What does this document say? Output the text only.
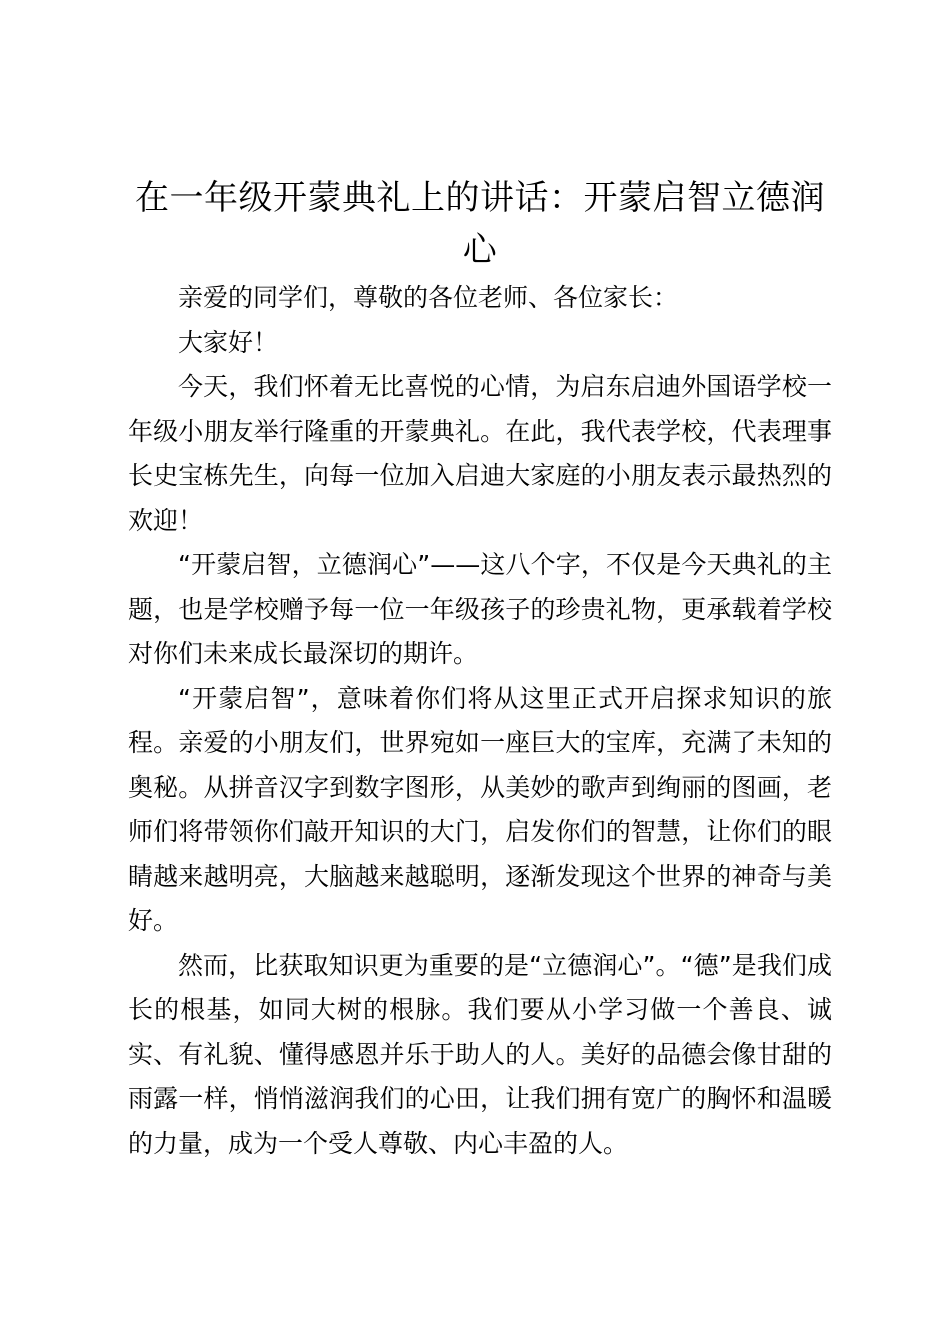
在一年级开蒙典礼上的讲话：开蒙启智立德润心

亲爱的同学们，尊敬的各位老师、各位家长：

大家好！

今天，我们怀着无比喜悦的心情，为启东启迪外国语学校一年级小朋友举行隆重的开蒙典礼。在此，我代表学校，代表理事长史宝栋先生，向每一位加入启迪大家庭的小朋友表示最热烈的欢迎！

“开蒙启智，立德润心”——这八个字，不仅是今天典礼的主题，也是学校赠予每一位一年级孩子的珍贵礼物，更承载着学校对你们未来成长最深切的期许。

“开蒙启智”，意味着你们将从这里正式开启探求知识的旅程。亲爱的小朋友们，世界宛如一座巨大的宝库，充满了未知的奥秘。从拼音汉字到数字图形，从美妙的歌声到绚丽的图画，老师们将带领你们敲开知识的大门，启发你们的智慧，让你们的眼睛越来越明亮，大脑越来越聪明，逐渐发现这个世界的神奇与美好。

然而，比获取知识更为重要的是“立德润心”。“德”是我们成长的根基，如同大树的根脉。我们要从小学习做一个善良、诚实、有礼貌、懂得感恩并乐于助人的人。美好的品德会像甘甜的雨露一样，悄悄滋润我们的心田，让我们拥有宽广的胸怀和温暖的力量，成为一个受人尊敬、内心丰盈的人。
